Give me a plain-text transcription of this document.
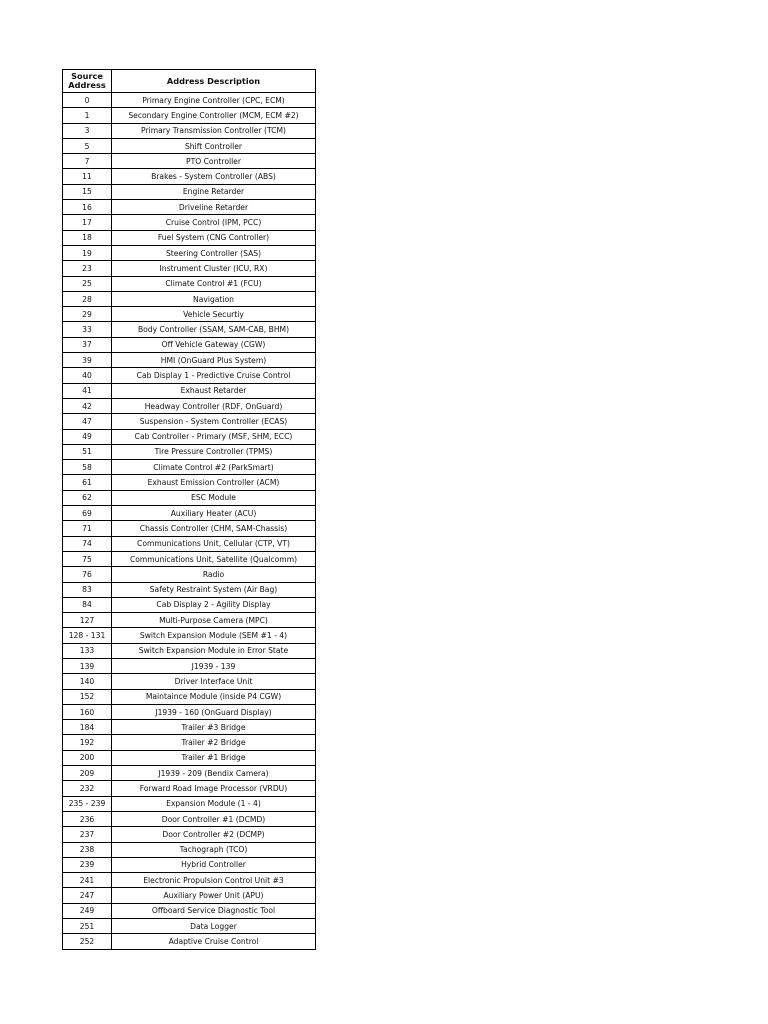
Source
Address	Address Description
0	Primary Engine Controller (CPC, ECM)
1	Secondary Engine Controller (MCM, ECM #2)
3	Primary Transmission Controller (TCM)
5	Shift Controller
7	PTO Controller
11	Brakes - System Controller (ABS)
15	Engine Retarder
16	Driveline Retarder
17	Cruise Control (IPM, PCC)
18	Fuel System (CNG Controller)
19	Steering Controller (SAS)
23	Instrument Cluster (ICU, RX)
25	Climate Control #1 (FCU)
28	Navigation
29	Vehicle Securtiy
33	Body Controller (SSAM, SAM-CAB, BHM)
37	Off Vehicle Gateway (CGW)
39	HMI (OnGuard Plus System)
40	Cab Display 1 - Predictive Cruise Control
41	Exhaust Retarder
42	Headway Controller (RDF, OnGuard)
47	Suspension - System Controller (ECAS)
49	Cab Controller - Primary (MSF, SHM, ECC)
51	Tire Pressure Controller (TPMS)
58	Climate Control #2 (ParkSmart)
61	Exhaust Emission Controller (ACM)
62	ESC Module
69	Auxiliary Heater (ACU)
71	Chassis Controller (CHM, SAM-Chassis)
74	Communications Unit, Cellular (CTP, VT)
75	Communications Unit, Satellite (Qualcomm)
76	Radio
83	Safety Restraint System (Air Bag)
84	Cab Display 2 - Agility Display
127	Multi-Purpose Camera (MPC)
128 - 131	Switch Expansion Module (SEM #1 - 4)
133	Switch Expansion Module in Error State
139	J1939 - 139
140	Driver Interface Unit
152	Maintaince Module (inside P4 CGW)
160	J1939 - 160 (OnGuard Display)
184	Trailer #3 Bridge
192	Trailer #2 Bridge
200	Trailer #1 Bridge
209	J1939 - 209 (Bendix Camera)
232	Forward Road Image Processor (VRDU)
235 - 239	Expansion Module (1 - 4)
236	Door Controller #1 (DCMD)
237	Door Controller #2 (DCMP)
238	Tachograph (TCO)
239	Hybrid Controller
241	Electronic Propulsion Control Unit #3
247	Auxiliary Power Unit (APU)
249	Offboard Service Diagnostic Tool
251	Data Logger
252	Adaptive Cruise Control
